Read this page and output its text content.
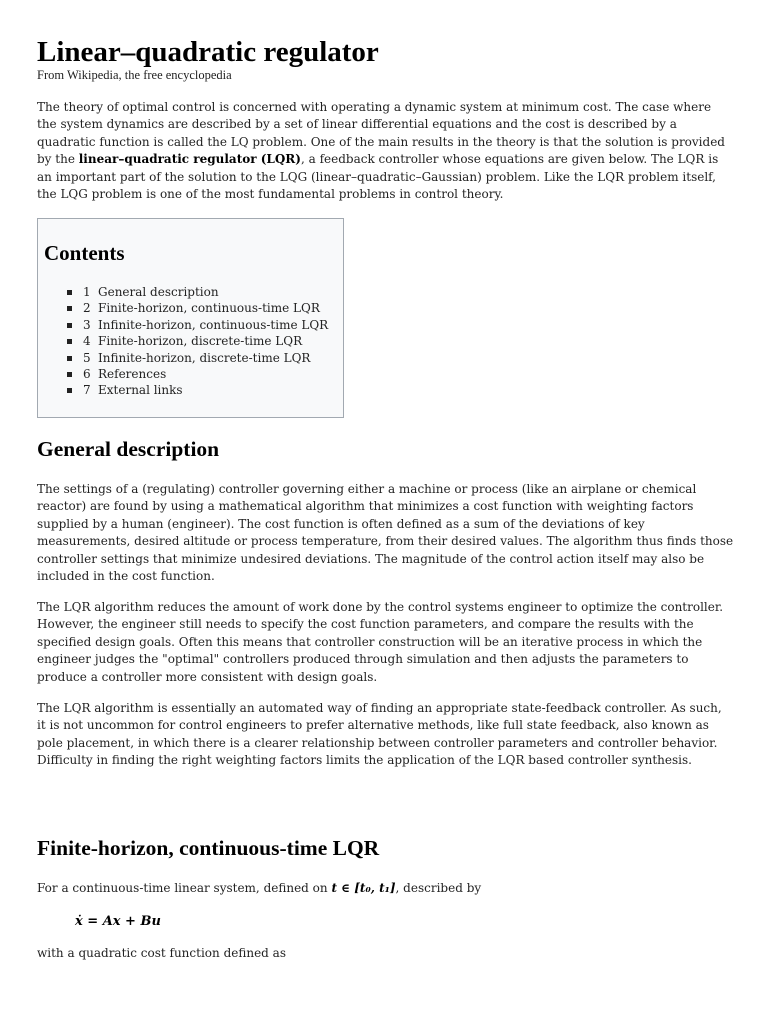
Linear–quadratic regulator
From Wikipedia, the free encyclopedia

The theory of optimal control is concerned with operating a dynamic system at minimum cost. The case where the system dynamics are described by a set of linear differential equations and the cost is described by a quadratic function is called the LQ problem. One of the main results in the theory is that the solution is provided by the linear–quadratic regulator (LQR), a feedback controller whose equations are given below. The LQR is an important part of the solution to the LQG (linear–quadratic–Gaussian) problem. Like the LQR problem itself, the LQG problem is one of the most fundamental problems in control theory.

Contents
1 General description
2 Finite-horizon, continuous-time LQR
3 Infinite-horizon, continuous-time LQR
4 Finite-horizon, discrete-time LQR
5 Infinite-horizon, discrete-time LQR
6 References
7 External links
General description

The settings of a (regulating) controller governing either a machine or process (like an airplane or chemical reactor) are found by using a mathematical algorithm that minimizes a cost function with weighting factors supplied by a human (engineer). The cost function is often defined as a sum of the deviations of key measurements, desired altitude or process temperature, from their desired values. The algorithm thus finds those controller settings that minimize undesired deviations. The magnitude of the control action itself may also be included in the cost function.

The LQR algorithm reduces the amount of work done by the control systems engineer to optimize the controller. However, the engineer still needs to specify the cost function parameters, and compare the results with the specified design goals. Often this means that controller construction will be an iterative process in which the engineer judges the "optimal" controllers produced through simulation and then adjusts the parameters to produce a controller more consistent with design goals.

The LQR algorithm is essentially an automated way of finding an appropriate state-feedback controller. As such, it is not uncommon for control engineers to prefer alternative methods, like full state feedback, also known as pole placement, in which there is a clearer relationship between controller parameters and controller behavior. Difficulty in finding the right weighting factors limits the application of the LQR based controller synthesis.

Finite-horizon, continuous-time LQR

For a continuous-time linear system, defined on t ∈ [t₀, t₁], described by

ẋ = Ax + Bu

with a quadratic cost function defined as
